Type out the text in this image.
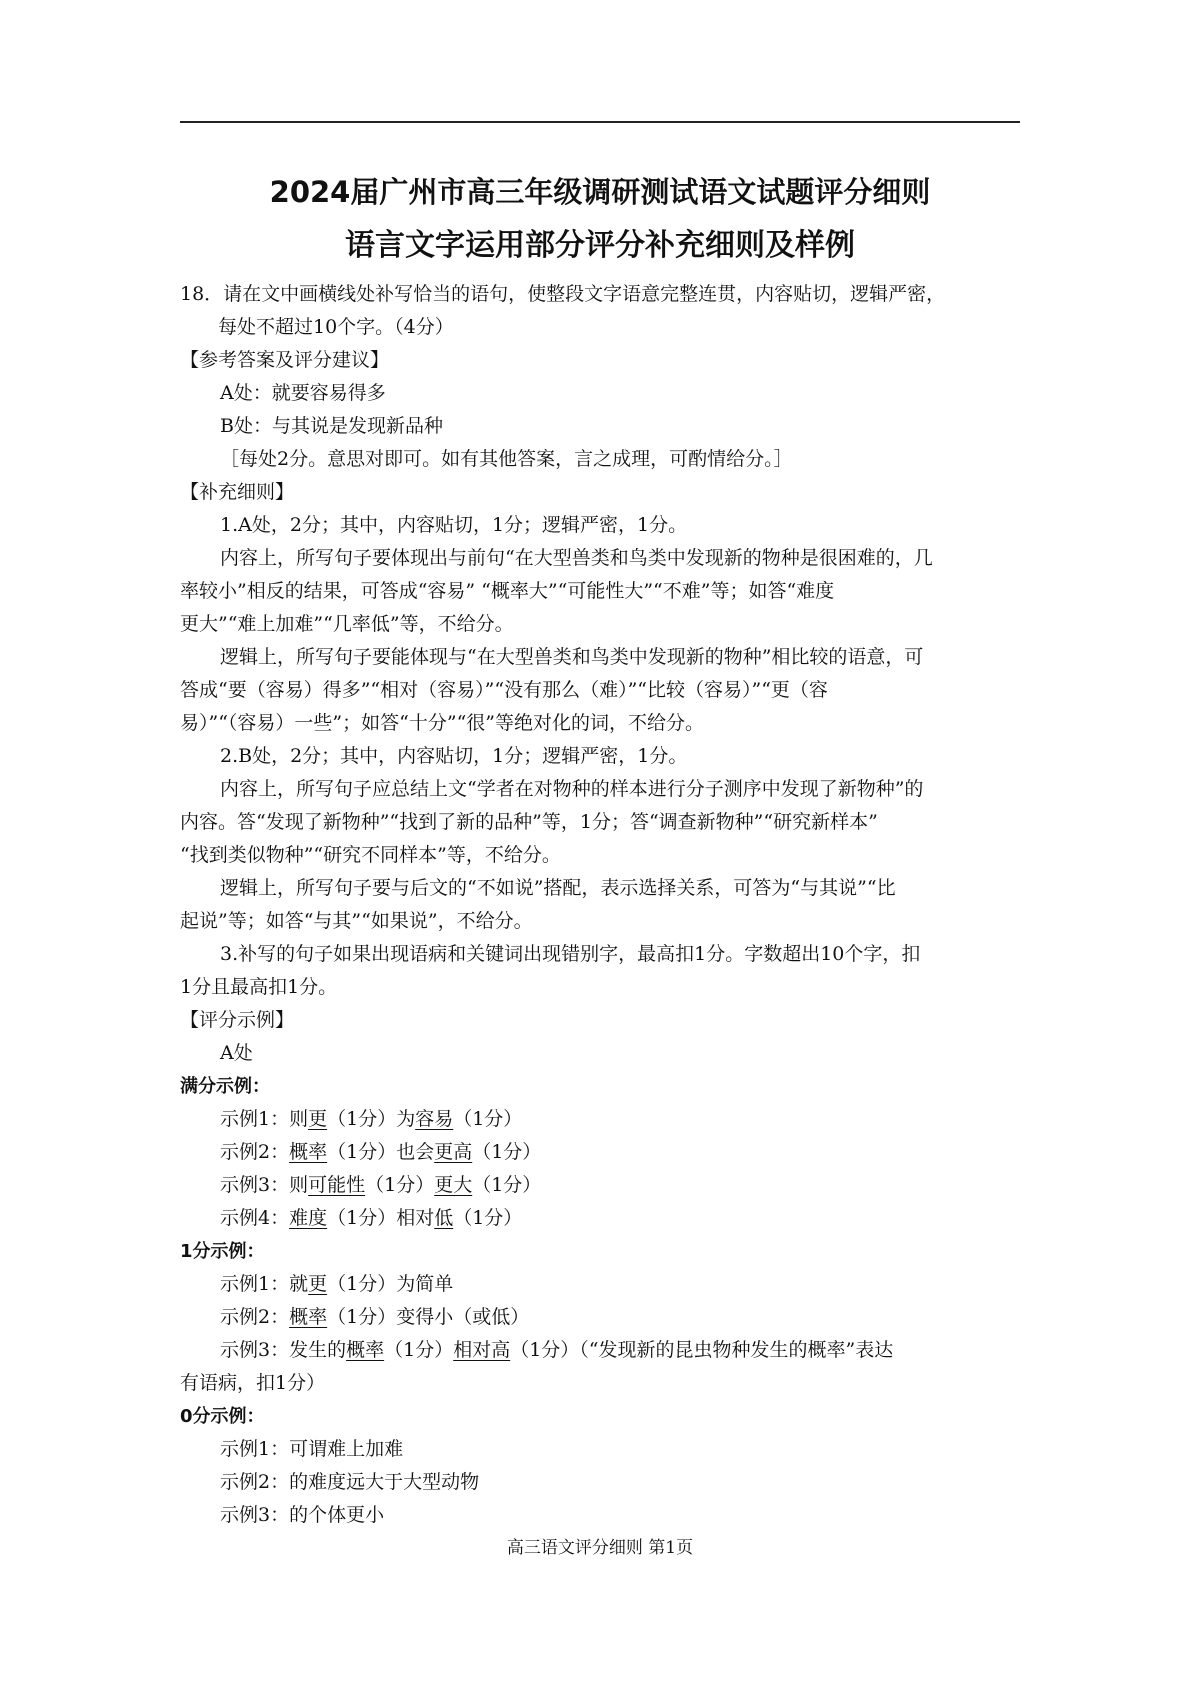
2024届广州市高三年级调研测试语文试题评分细则
语言文字运用部分评分补充细则及样例
18．请在文中画横线处补写恰当的语句，使整段文字语意完整连贯，内容贴切，逻辑严密，
每处不超过10个字。（4分）
【参考答案及评分建议】
A处：就要容易得多
B处：与其说是发现新品种
［每处2分。意思对即可。如有其他答案，言之成理，可酌情给分。］
【补充细则】
1.A处，2分；其中，内容贴切，1分；逻辑严密，1分。
内容上，所写句子要体现出与前句“在大型兽类和鸟类中发现新的物种是很困难的，几
率较小”相反的结果，可答成“容易” “概率大”“可能性大”“不难”等；如答“难度
更大”“难上加难”“几率低”等，不给分。
逻辑上，所写句子要能体现与“在大型兽类和鸟类中发现新的物种”相比较的语意，可
答成“要（容易）得多”“相对（容易）”“没有那么（难）”“比较（容易）”“更（容
易）”“（容易）一些”；如答“十分”“很”等绝对化的词，不给分。
2.B处，2分；其中，内容贴切，1分；逻辑严密，1分。
内容上，所写句子应总结上文“学者在对物种的样本进行分子测序中发现了新物种”的
内容。答“发现了新物种”“找到了新的品种”等，1分；答“调查新物种”“研究新样本”
“找到类似物种”“研究不同样本”等，不给分。
逻辑上，所写句子要与后文的“不如说”搭配，表示选择关系，可答为“与其说”“比
起说”等；如答“与其”“如果说”，不给分。
3.补写的句子如果出现语病和关键词出现错别字，最高扣1分。字数超出10个字，扣
1分且最高扣1分。
【评分示例】
A处
满分示例：
示例1：则更（1分）为容易（1分）
示例2：概率（1分）也会更高（1分）
示例3：则可能性（1分）更大（1分）
示例4：难度（1分）相对低（1分）
1分示例：
示例1：就更（1分）为简单
示例2：概率（1分）变得小（或低）
示例3：发生的概率（1分）相对高（1分）（“发现新的昆虫物种发生的概率”表达
有语病，扣1分）
0分示例：
示例1：可谓难上加难
示例2：的难度远大于大型动物
示例3：的个体更小
高三语文评分细则 第1页
